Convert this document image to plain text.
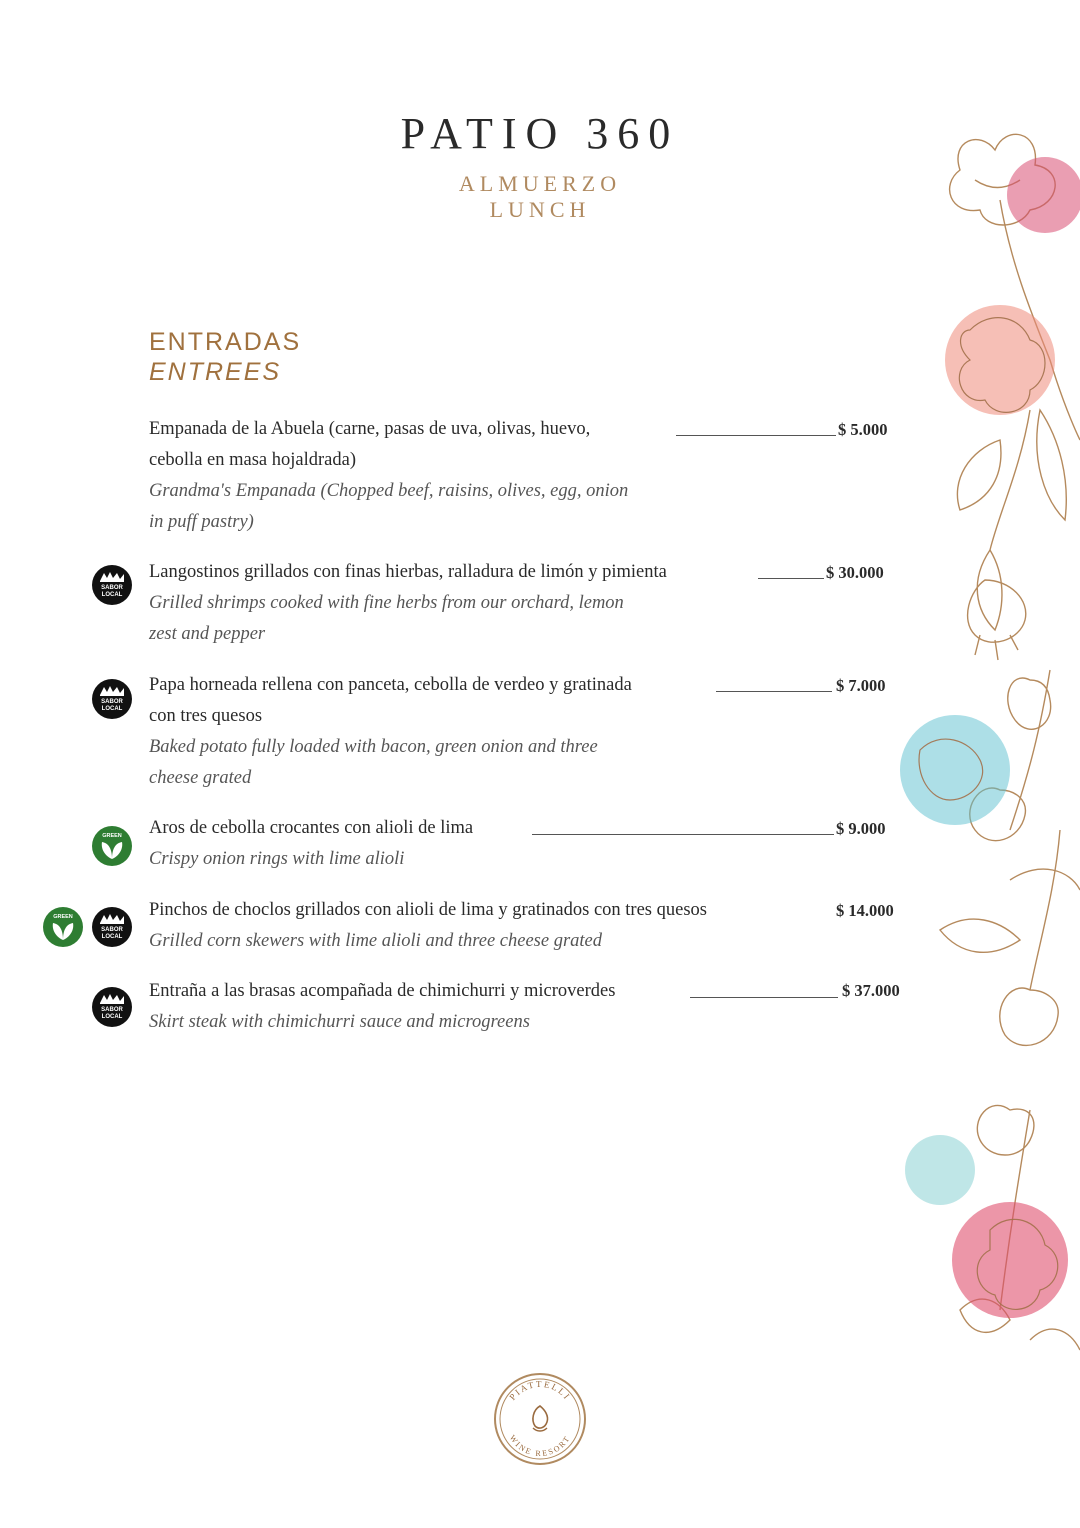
PATIO 360
ALMUERZO
LUNCH
ENTRADAS
ENTREES
Empanada de la Abuela (carne, pasas de uva, olivas, huevo,
cebolla en masa hojaldrada)
Grandma's Empanada (Chopped beef, raisins, olives, egg, onion
in puff pastry)
$ 5.000
SABOR
LOCAL
Langostinos grillados con finas hierbas, ralladura de limón y pimienta
Grilled shrimps cooked with fine herbs from our orchard, lemon
zest and pepper
$ 30.000
SABOR
LOCAL
Papa horneada rellena con panceta, cebolla de verdeo y gratinada
con tres quesos
Baked potato fully loaded with bacon, green onion and three
cheese grated
$ 7.000
GREEN Aros de cebolla crocantes con alioli de lima
Crispy onion rings with lime alioli
$ 9.000
GREEN
SABOR
LOCAL
Pinchos de choclos grillados con alioli de lima y gratinados con tres quesos
Grilled corn skewers with lime alioli and three cheese grated
$ 14.000
SABOR
LOCAL
Entraña a las brasas acompañada de chimichurri y microverdes
Skirt steak with chimichurri sauce and microgreens
$ 37.000
PIATTELLI
WINE RESORT
